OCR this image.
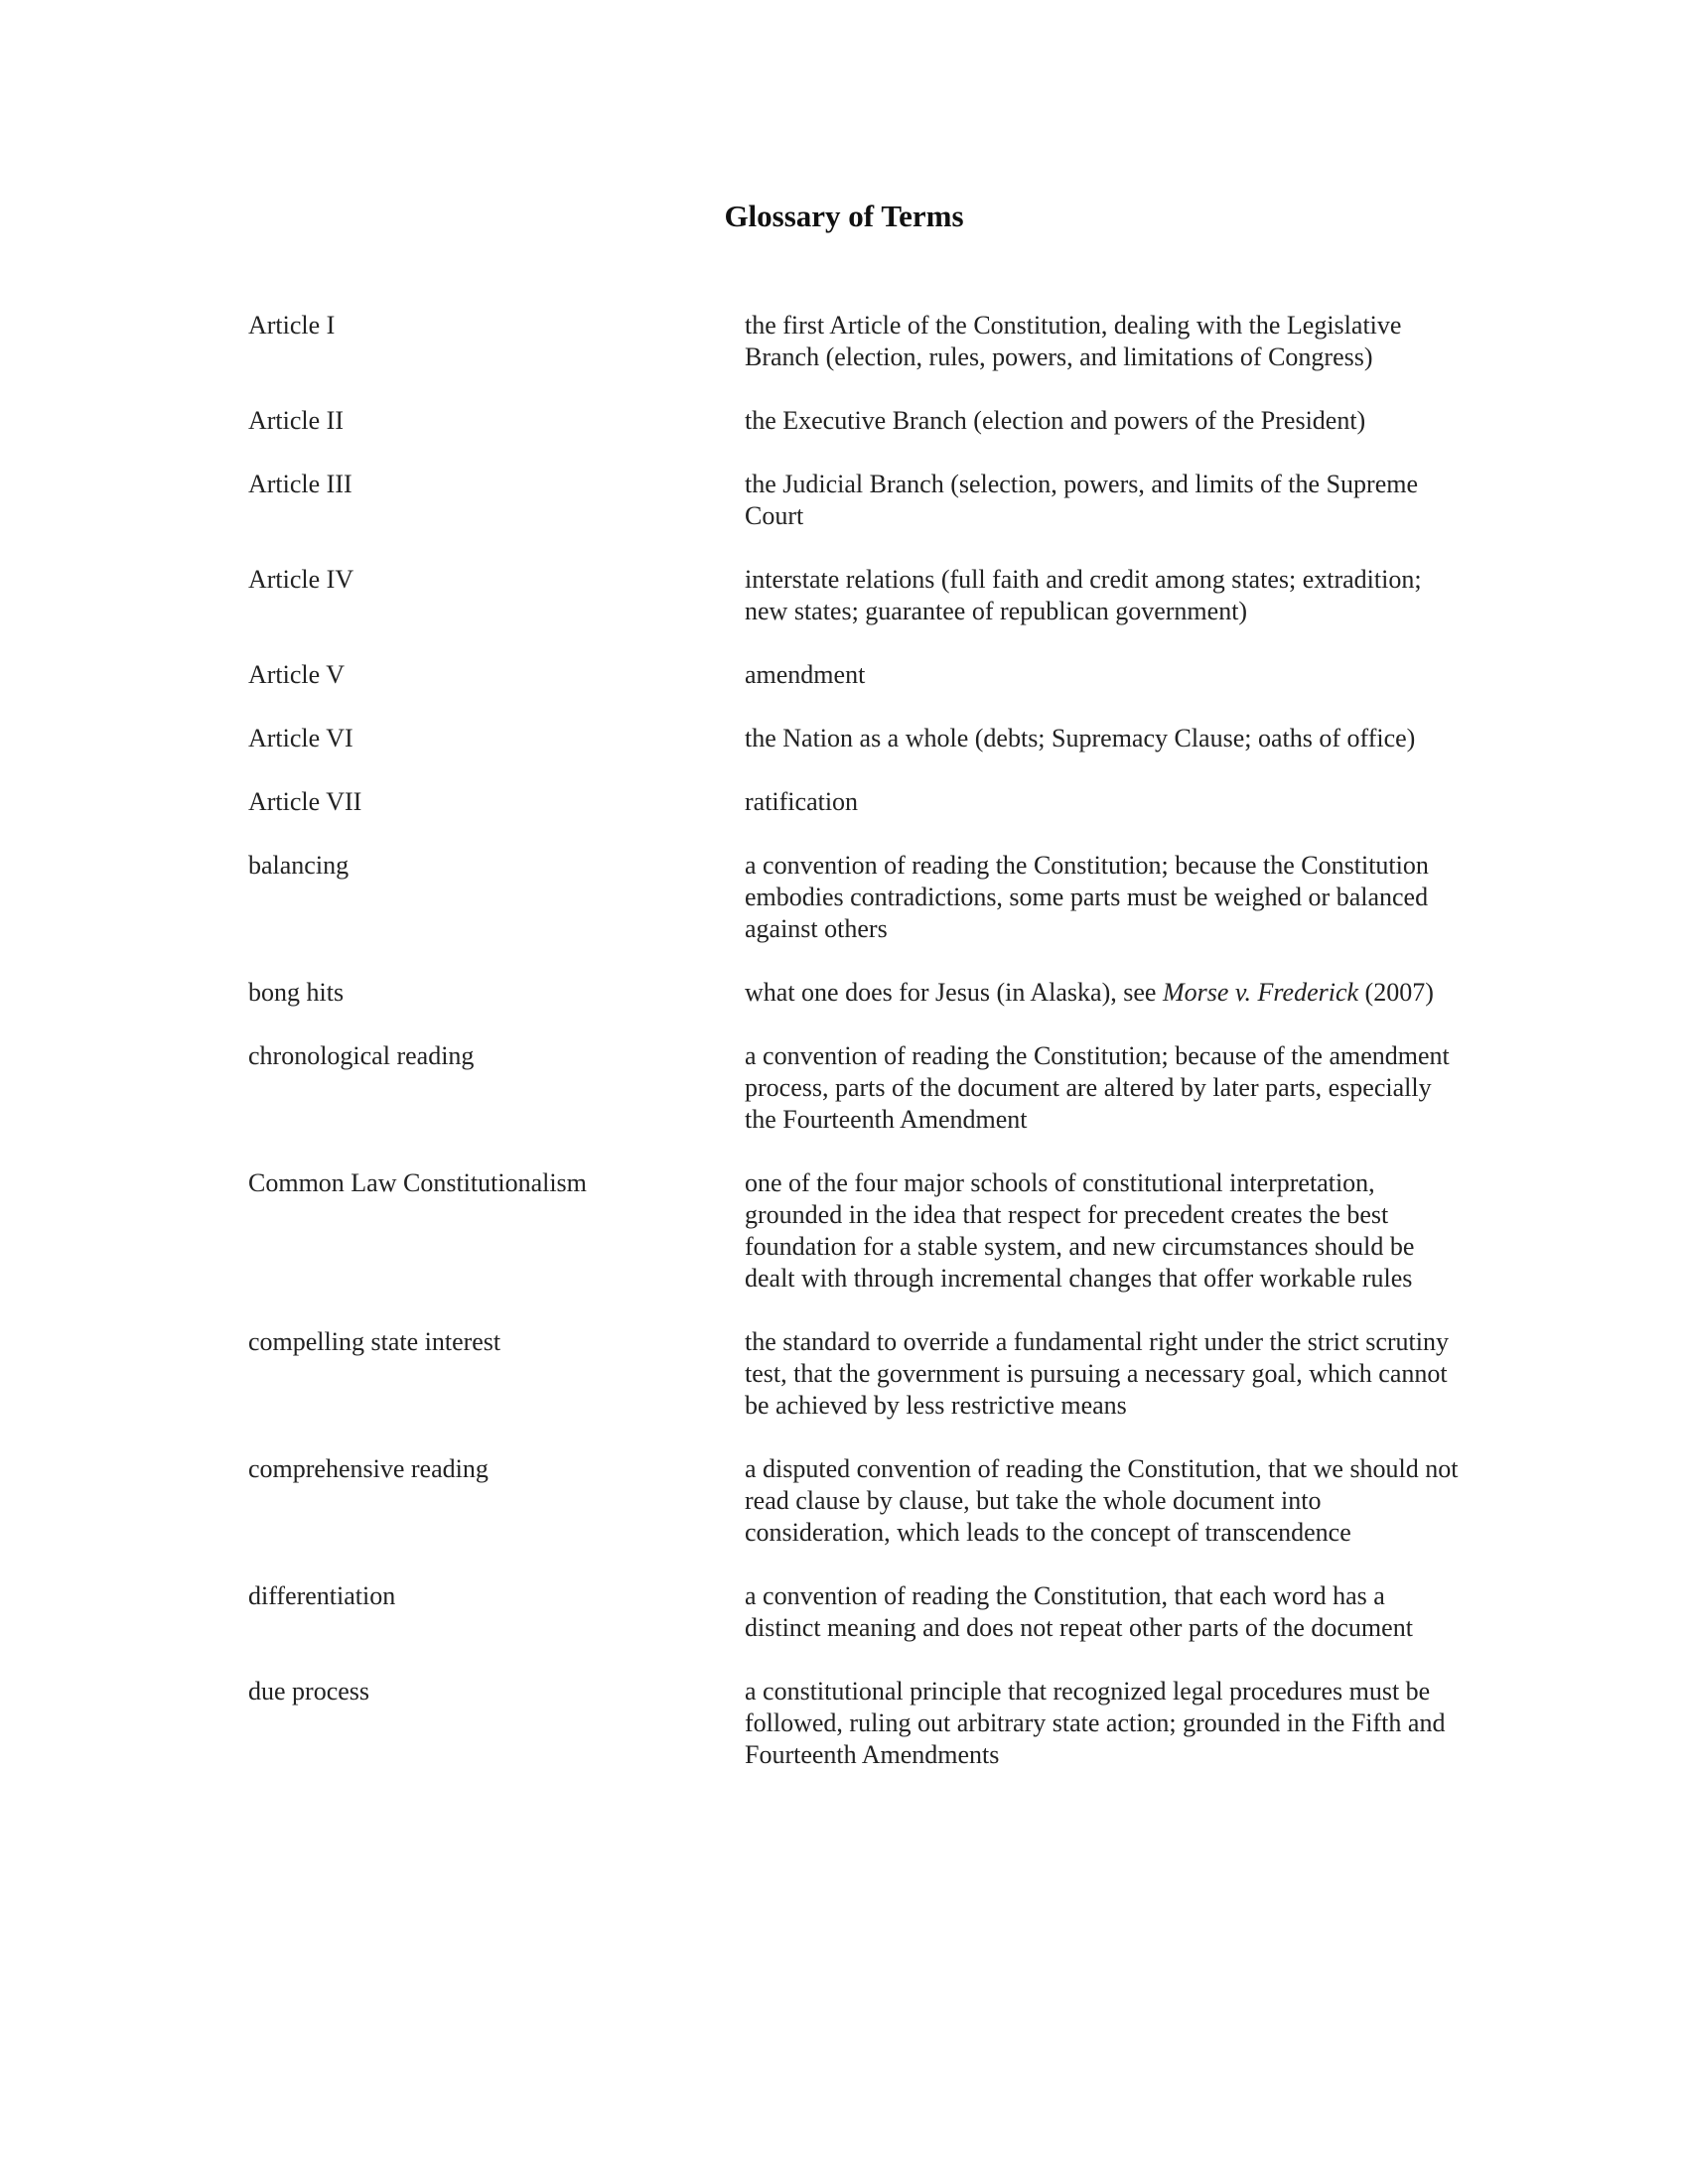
Glossary of Terms
Article I	the first Article of the Constitution, dealing with the Legislative Branch (election, rules, powers, and limitations of Congress)
Article II	the Executive Branch (election and powers of the President)
Article III	the Judicial Branch (selection, powers, and limits of the Supreme Court
Article IV	interstate relations (full faith and credit among states; extradition; new states; guarantee of republican government)
Article V	amendment
Article VI	the Nation as a whole (debts; Supremacy Clause; oaths of office)
Article VII	ratification
balancing	a convention of reading the Constitution; because the Constitution embodies contradictions, some parts must be weighed or balanced against others
bong hits	what one does for Jesus (in Alaska), see Morse v. Frederick (2007)
chronological reading	a convention of reading the Constitution; because of the amendment process, parts of the document are altered by later parts, especially the Fourteenth Amendment
Common Law Constitutionalism	one of the four major schools of constitutional interpretation, grounded in the idea that respect for precedent creates the best foundation for a stable system, and new circumstances should be dealt with through incremental changes that offer workable rules
compelling state interest	the standard to override a fundamental right under the strict scrutiny test, that the government is pursuing a necessary goal, which cannot be achieved by less restrictive means
comprehensive reading	a disputed convention of reading the Constitution, that we should not read clause by clause, but take the whole document into consideration, which leads to the concept of transcendence
differentiation	a convention of reading the Constitution, that each word has a distinct meaning and does not repeat other parts of the document
due process	a constitutional principle that recognized legal procedures must be followed, ruling out arbitrary state action; grounded in the Fifth and Fourteenth Amendments
